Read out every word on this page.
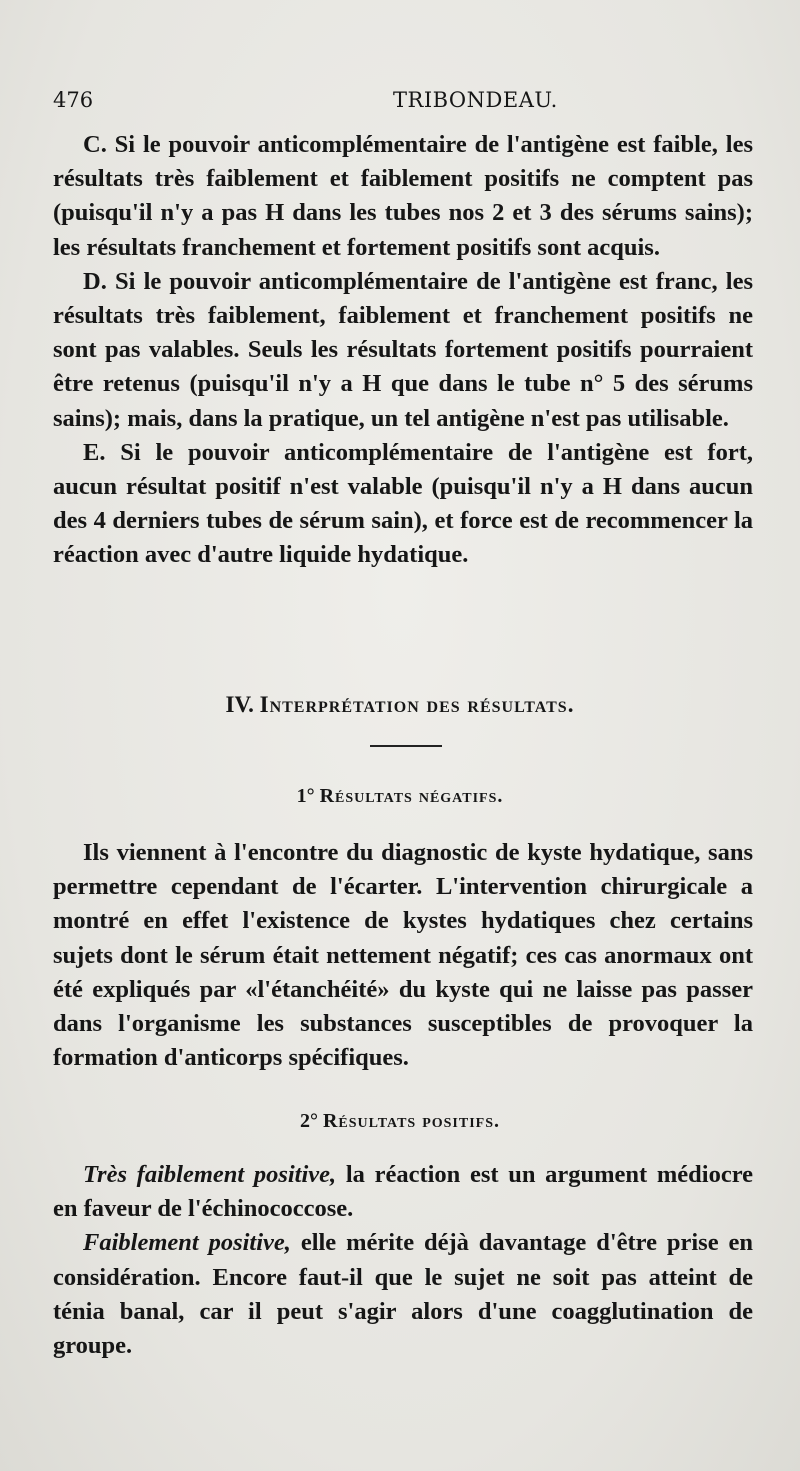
476	TRIBONDEAU.

C. Si le pouvoir anticomplémentaire de l'antigène est faible, les résultats très faiblement et faiblement positifs ne comptent pas (puisqu'il n'y a pas H dans les tubes nos 2 et 3 des sérums sains); les résultats franchement et fortement positifs sont acquis.

D. Si le pouvoir anticomplémentaire de l'antigène est franc, les résultats très faiblement, faiblement et franchement positifs ne sont pas valables. Seuls les résultats fortement positifs pourraient être retenus (puisqu'il n'y a H que dans le tube n° 5 des sérums sains); mais, dans la pratique, un tel antigène n'est pas utilisable.

E. Si le pouvoir anticomplémentaire de l'antigène est fort, aucun résultat positif n'est valable (puisqu'il n'y a H dans aucun des 4 derniers tubes de sérum sain), et force est de recommencer la réaction avec d'autre liquide hydatique.

IV. Interprétation des résultats.
1° Résultats négatifs.

Ils viennent à l'encontre du diagnostic de kyste hydatique, sans permettre cependant de l'écarter. L'intervention chirurgicale a montré en effet l'existence de kystes hydatiques chez certains sujets dont le sérum était nettement négatif; ces cas anormaux ont été expliqués par «l'étanchéité» du kyste qui ne laisse pas passer dans l'organisme les substances susceptibles de provoquer la formation d'anticorps spécifiques.

2° Résultats positifs.

Très faiblement positive, la réaction est un argument médiocre en faveur de l'échinococcose.

Faiblement positive, elle mérite déjà davantage d'être prise en considération. Encore faut-il que le sujet ne soit pas atteint de ténia banal, car il peut s'agir alors d'une coagglutination de groupe.
